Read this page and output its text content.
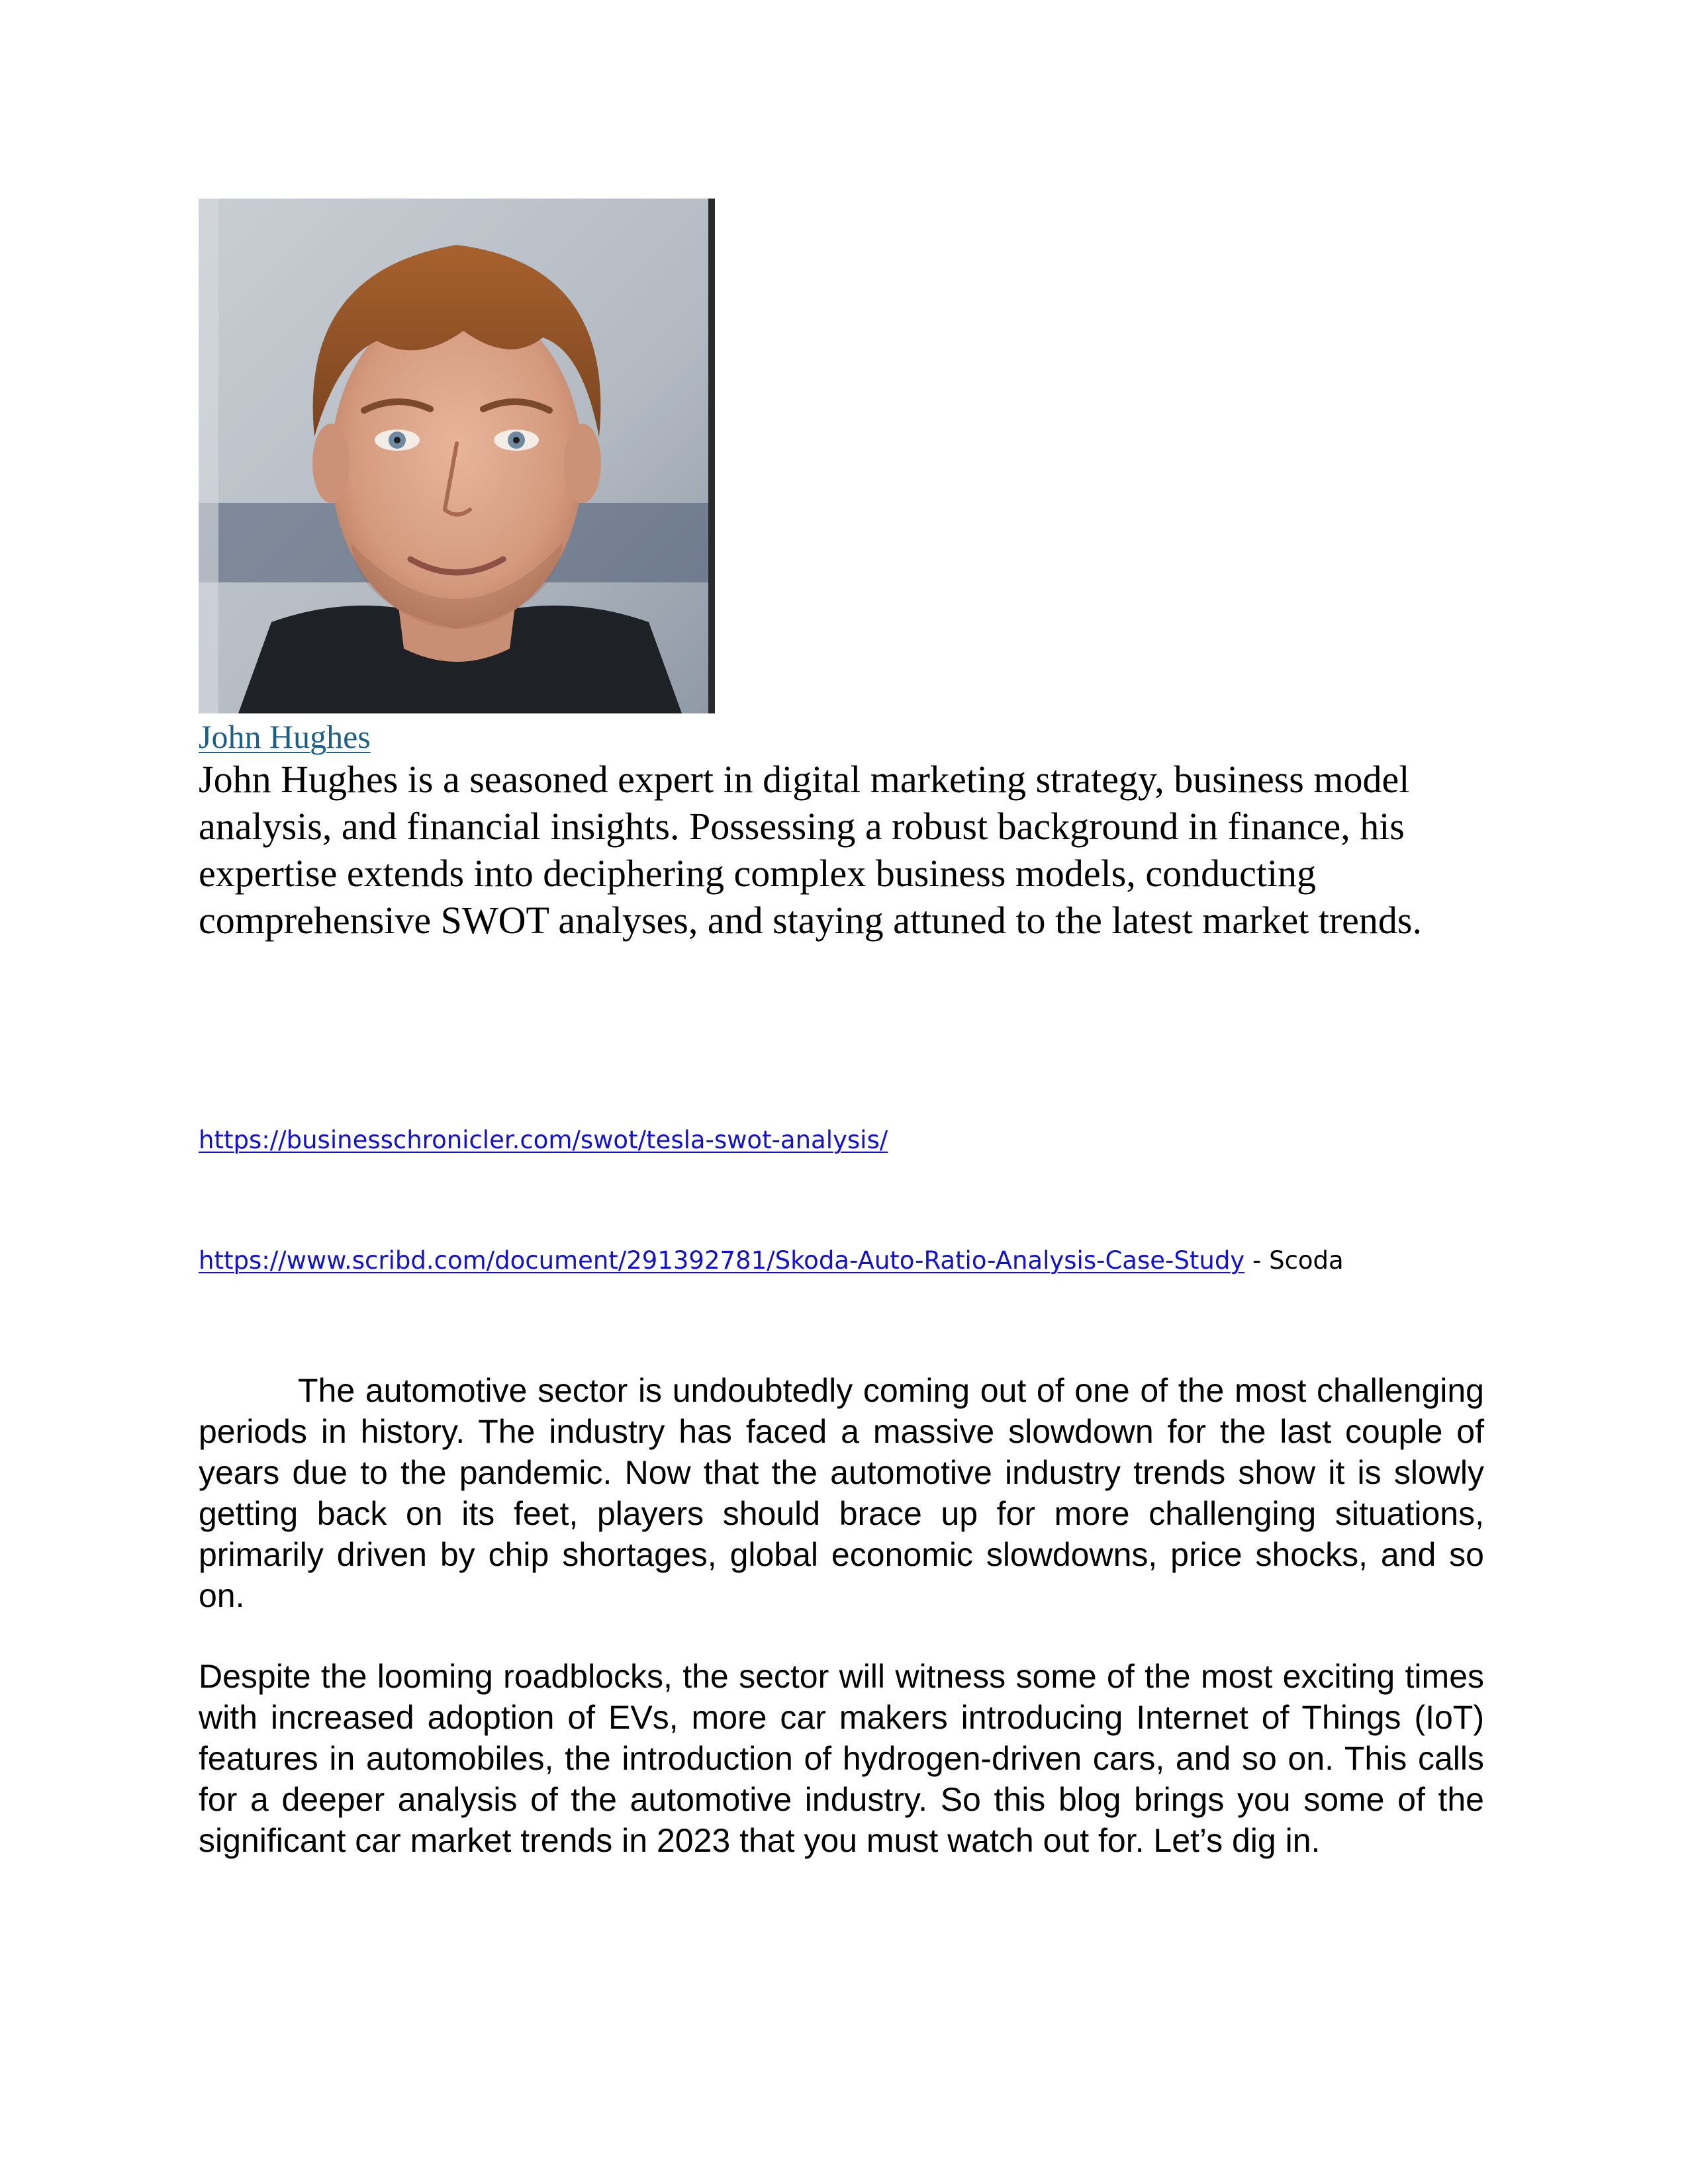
John Hughes

John Hughes is a seasoned expert in digital marketing strategy, business model analysis, and financial insights. Possessing a robust background in finance, his expertise extends into deciphering complex business models, conducting comprehensive SWOT analyses, and staying attuned to the latest market trends.

https://businesschronicler.com/swot/tesla-swot-analysis/
https://www.scribd.com/document/291392781/Skoda-Auto-Ratio-Analysis-Case-Study - Scoda

The automotive sector is undoubtedly coming out of one of the most challenging periods in history. The industry has faced a massive slowdown for the last couple of years due to the pandemic. Now that the automotive industry trends show it is slowly getting back on its feet, players should brace up for more challenging situations, primarily driven by chip shortages, global economic slowdowns, price shocks, and so on.

Despite the looming roadblocks, the sector will witness some of the most exciting times with increased adoption of EVs, more car makers introducing Internet of Things (IoT) features in automobiles, the introduction of hydrogen-driven cars, and so on. This calls for a deeper analysis of the automotive industry. So this blog brings you some of the significant car market trends in 2023 that you must watch out for. Let’s dig in.
